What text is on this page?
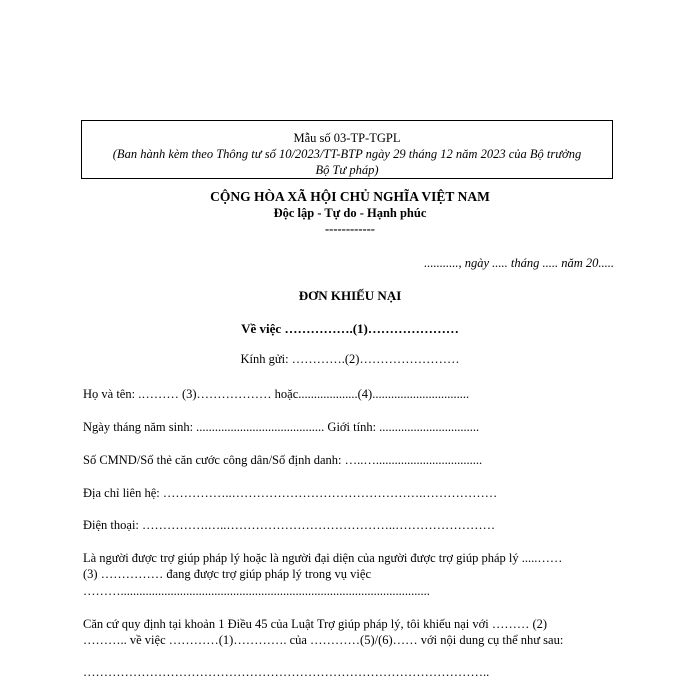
Mẫu số 03-TP-TGPL
(Ban hành kèm theo Thông tư số 10/2023/TT-BTP ngày 29 tháng 12 năm 2023 của Bộ trưởng
Bộ Tư pháp)
CỘNG HÒA XÃ HỘI CHỦ NGHĨA VIỆT NAM
Độc lập - Tự do - Hạnh phúc
------------
..........., ngày ..... tháng ..... năm 20.....
ĐƠN KHIẾU NẠI
Về việc …………….(1)…………………
Kính gửi: ………….(2)……………………
Họ và tên: .……… (3)……………… hoặc...................(4)...............................
Ngày tháng năm sinh: ......................................... Giới tính: ................................
Số CMND/Số thẻ căn cước công dân/Số định danh: …..…..................................
Địa chỉ liên hệ: ……………..……………………………………….………………
Điện thoại: …………….…..…………………………………..……………………
Là người được trợ giúp pháp lý hoặc là người đại diện của người được trợ giúp pháp lý .....……
(3) …………… đang được trợ giúp pháp lý trong vụ việc
………...................................................................................................
Căn cứ quy định tại khoản 1 Điều 45 của Luật Trợ giúp pháp lý, tôi khiếu nại với ……… (2)
……….. về việc …………(1)…………. của …………(5)/(6)…… với nội dung cụ thể như sau:
……………………………………………………………………………………..
